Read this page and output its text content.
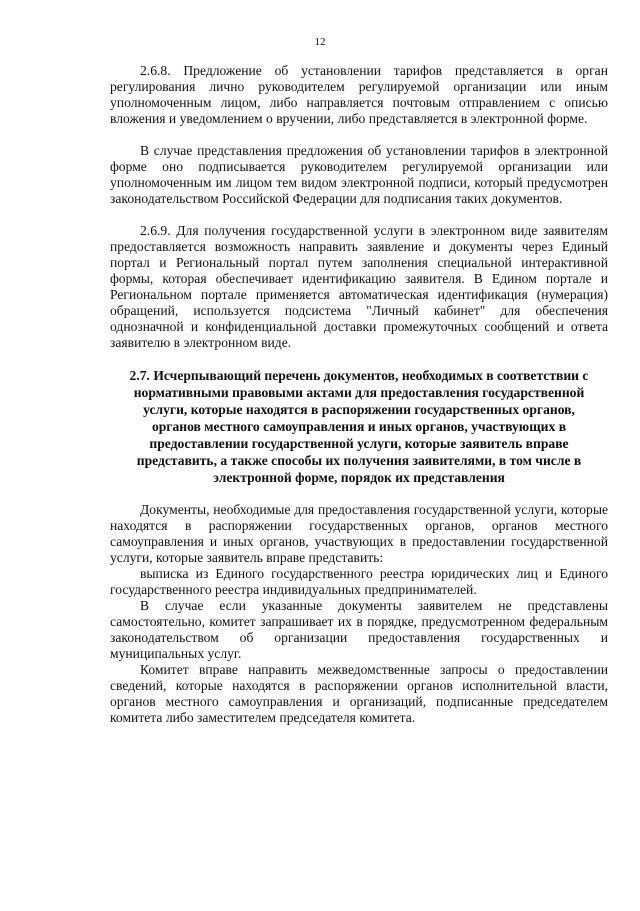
12

2.6.8. Предложение об установлении тарифов представляется в орган регулирования лично руководителем регулируемой организации или иным уполномоченным лицом, либо направляется почтовым отправлением с описью вложения и уведомлением о вручении, либо представляется в электронной форме.

В случае представления предложения об установлении тарифов в электронной форме оно подписывается руководителем регулируемой организации или уполномоченным им лицом тем видом электронной подписи, который предусмотрен законодательством Российской Федерации для подписания таких документов.

2.6.9. Для получения государственной услуги в электронном виде заявителям предоставляется возможность направить заявление и документы через Единый портал и Региональный портал путем заполнения специальной интерактивной формы, которая обеспечивает идентификацию заявителя. В Едином портале и Региональном портале применяется автоматическая идентификация (нумерация) обращений, используется подсистема "Личный кабинет" для обеспечения однозначной и конфиденциальной доставки промежуточных сообщений и ответа заявителю в электронном виде.

2.7. Исчерпывающий перечень документов, необходимых в соответствии с нормативными правовыми актами для предоставления государственной услуги, которые находятся в распоряжении государственных органов, органов местного самоуправления и иных органов, участвующих в предоставлении государственной услуги, которые заявитель вправе представить, а также способы их получения заявителями, в том числе в электронной форме, порядок их представления

Документы, необходимые для предоставления государственной услуги, которые находятся в распоряжении государственных органов, органов местного самоуправления и иных органов, участвующих в предоставлении государственной услуги, которые заявитель вправе представить:

выписка из Единого государственного реестра юридических лиц и Единого государственного реестра индивидуальных предпринимателей.

В случае если указанные документы заявителем не представлены самостоятельно, комитет запрашивает их в порядке, предусмотренном федеральным законодательством об организации предоставления государственных и муниципальных услуг.

Комитет вправе направить межведомственные запросы о предоставлении сведений, которые находятся в распоряжении органов исполнительной власти, органов местного самоуправления и организаций, подписанные председателем комитета либо заместителем председателя комитета.
